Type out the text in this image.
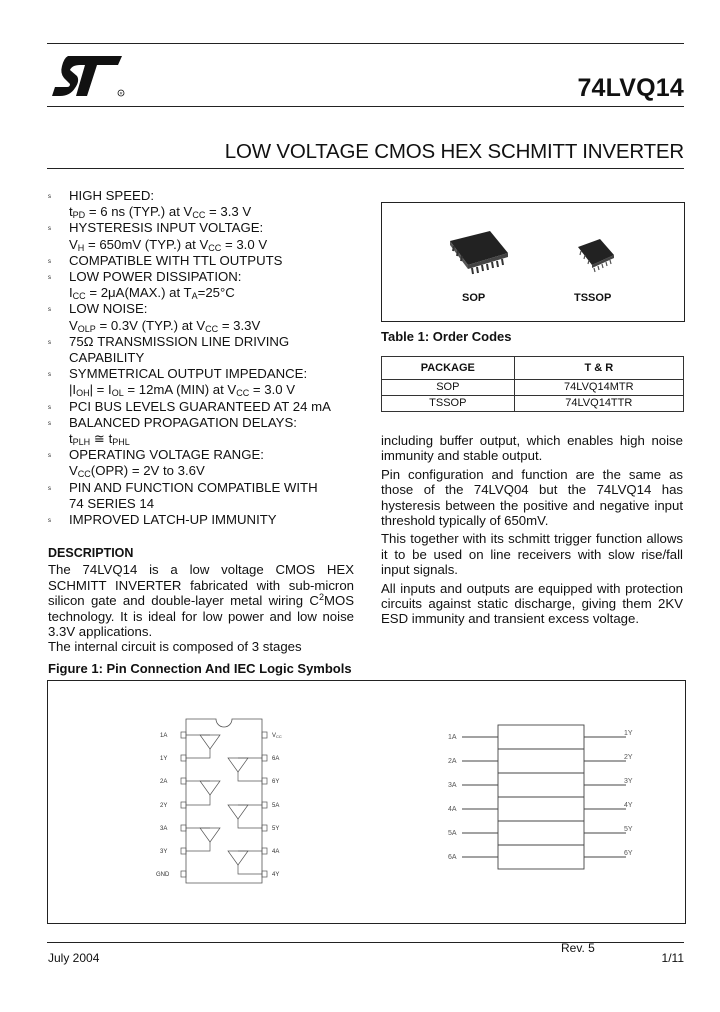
R	74LVQ14
LOW VOLTAGE CMOS HEX SCHMITT INVERTER
s HIGH SPEED:
$t_{PD} = 6$ ns (TYP.) at $V_{CC} = 3.3$ V
s HYSTERESIS INPUT VOLTAGE:
$V_H = 650mV$ (TYP.) at $V_{CC} = 3.0$ V
s COMPATIBLE WITH TTL OUTPUTS
s LOW POWER DISSIPATION:
$I_{CC} = 2\mu A(MAX.)$ at $T_A=25^\circ C$
s LOW NOISE:
$V_{OLP} = 0.3V$ (TYP.) at $V_{CC} = 3.3V$
s 75Ω TRANSMISSION LINE DRIVING
CAPABILITY
s SYMMETRICAL OUTPUT IMPEDANCE:
$|I_{OH}| = I_{OL} = 12mA$ (MIN) at $V_{CC} = 3.0$ V
s PCI BUS LEVELS GUARANTEED AT 24 mA
s BALANCED PROPAGATION DELAYS:
$t_{PLH}$ ≅ $t_{PHL}$
s OPERATING VOLTAGE RANGE:
$V_{CC}(OPR) = 2V$ to 3.6V
s PIN AND FUNCTION COMPATIBLE WITH
74 SERIES 14
s IMPROVED LATCH-UP IMMUNITY
DESCRIPTION

The 74LVQ14 is a low voltage CMOS HEX SCHMITT INVERTER fabricated with sub-micron silicon gate and double-layer metal wiring $C^2MOS$ technology. It is ideal for low power and low noise 3.3V applications.

The internal circuit is composed of 3 stages

SOP	TSSOP
Table 1: Order Codes
PACKAGE	T & R
SOP	74LVQ14MTR
TSSOP	74LVQ14TTR

including buffer output, which enables high noise immunity and stable output.

Pin configuration and function are the same as those of the 74LVQ04 but the 74LVQ14 has hysteresis between the positive and negative input threshold typically of 650mV.

This together with its schmitt trigger function allows it to be used on line receivers with slow rise/fall input signals.

All inputs and outputs are equipped with protection circuits against static discharge, giving them 2KV ESD immunity and transient excess voltage.

Figure 1: Pin Connection And IEC Logic Symbols
1A
1Y
2A
2Y
3A
3Y
GND
VCC
6A
6Y
5A
5Y
4A
4Y
1A
2A
3A
4A
5A
6A
1Y
2Y
3Y
4Y
5Y
6Y
Rev. 5
July 2004	1/11
